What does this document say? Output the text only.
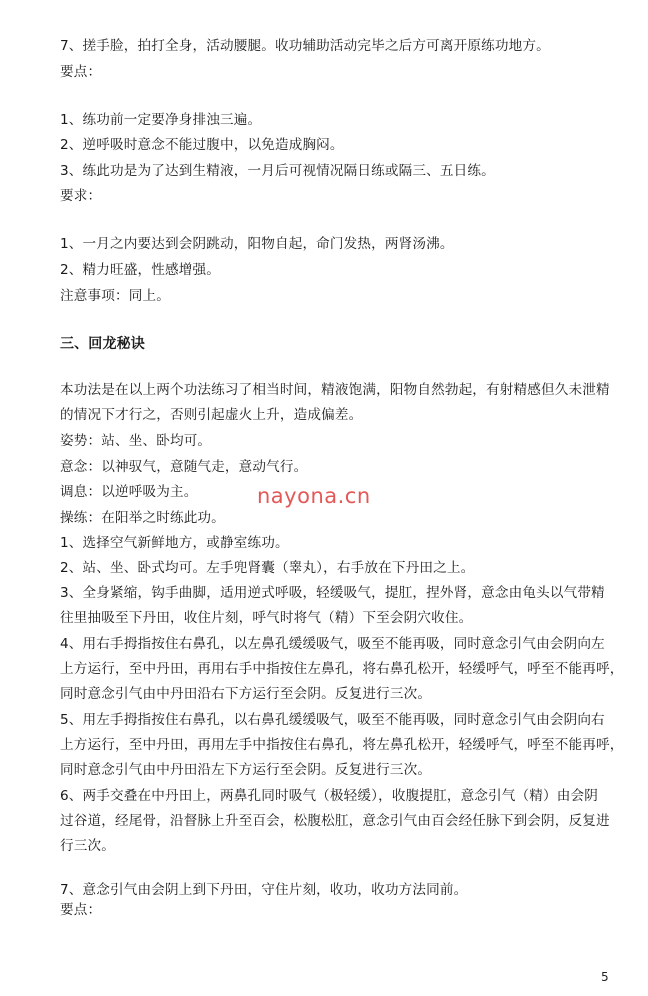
7、搓手脸，拍打全身，活动腰腿。收功辅助活动完毕之后方可离开原练功地方。
要点：
1、练功前一定要净身排浊三遍。
2、逆呼吸时意念不能过腹中，以免造成胸闷。
3、练此功是为了达到生精液，一月后可视情况隔日练或隔三、五日练。
要求：
1、一月之内要达到会阴跳动，阳物自起，命门发热，两肾汤沸。
2、精力旺盛，性感增强。
注意事项：同上。
三、回龙秘诀
本功法是在以上两个功法练习了相当时间，精液饱满，阳物自然勃起，有射精感但久未泄精
的情况下才行之，否则引起虚火上升，造成偏差。
姿势：站、坐、卧均可。
意念：以神驭气，意随气走，意动气行。
调息：以逆呼吸为主。
操练：在阳举之时练此功。
1、选择空气新鲜地方，或静室练功。
2、站、坐、卧式均可。左手兜肾囊（睾丸），右手放在下丹田之上。
3、全身紧缩，钩手曲脚，适用逆式呼吸，轻缓吸气，提肛，捏外肾，意念由龟头以气带精
往里抽吸至下丹田，收住片刻，呼气时将气（精）下至会阴穴收住。
4、用右手拇指按住右鼻孔，以左鼻孔缓缓吸气，吸至不能再吸，同时意念引气由会阴向左
上方运行，至中丹田，再用右手中指按住左鼻孔，将右鼻孔松开，轻缓呼气，呼至不能再呼，
同时意念引气由中丹田沿右下方运行至会阴。反复进行三次。
5、用左手拇指按住右鼻孔，以右鼻孔缓缓吸气，吸至不能再吸，同时意念引气由会阴向右
上方运行，至中丹田，再用左手中指按住右鼻孔，将左鼻孔松开，轻缓呼气，呼至不能再呼，
同时意念引气由中丹田沿左下方运行至会阴。反复进行三次。
6、两手交叠在中丹田上，两鼻孔同时吸气（极轻缓），收腹提肛，意念引气（精）由会阴
过谷道，经尾骨，沿督脉上升至百会，松腹松肛，意念引气由百会经任脉下到会阴，反复进
行三次。
7、意念引气由会阴上到下丹田，守住片刻，收功，收功方法同前。
要点：
nayona.cn
5
